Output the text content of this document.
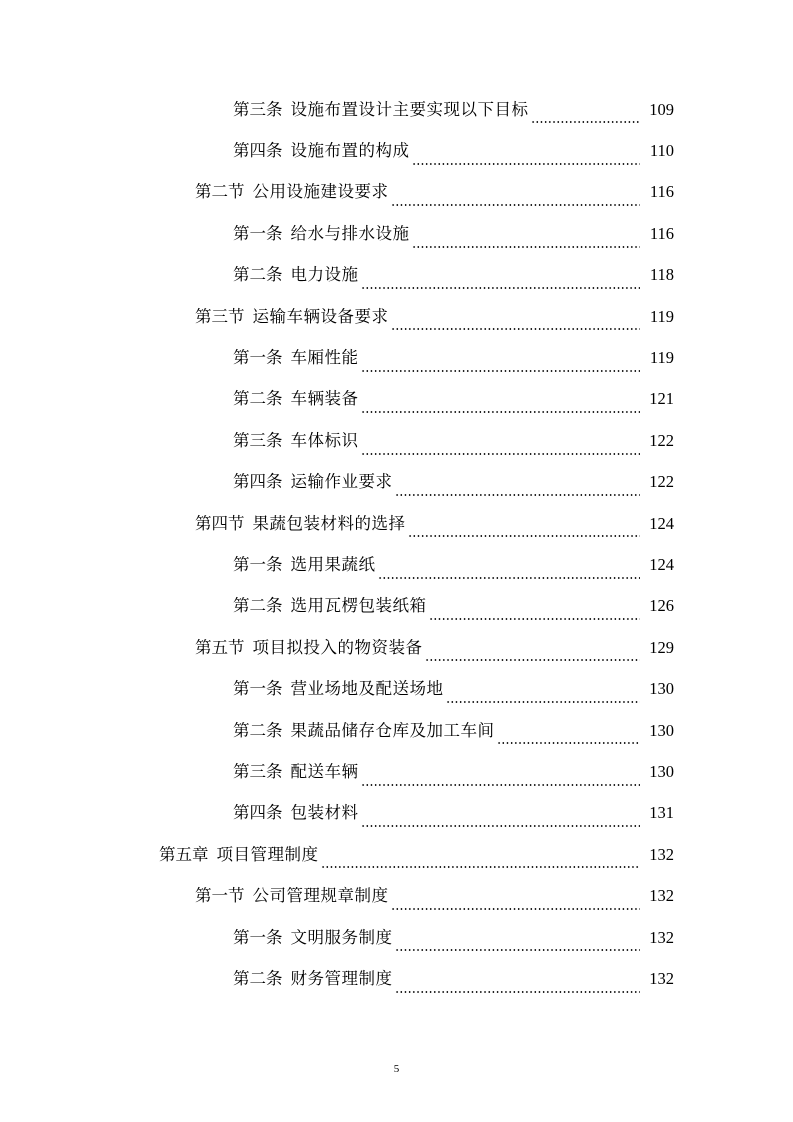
第三条 设施布置设计主要实现以下目标	109
第四条 设施布置的构成	110
第二节 公用设施建设要求	116
第一条 给水与排水设施	116
第二条 电力设施	118
第三节 运输车辆设备要求	119
第一条 车厢性能	119
第二条 车辆装备	121
第三条 车体标识	122
第四条 运输作业要求	122
第四节 果蔬包装材料的选择	124
第一条 选用果蔬纸	124
第二条 选用瓦楞包装纸箱	126
第五节 项目拟投入的物资装备	129
第一条 营业场地及配送场地	130
第二条 果蔬品储存仓库及加工车间	130
第三条 配送车辆	130
第四条 包装材料	131
第五章 项目管理制度	132
第一节 公司管理规章制度	132
第一条 文明服务制度	132
第二条 财务管理制度	132
5
